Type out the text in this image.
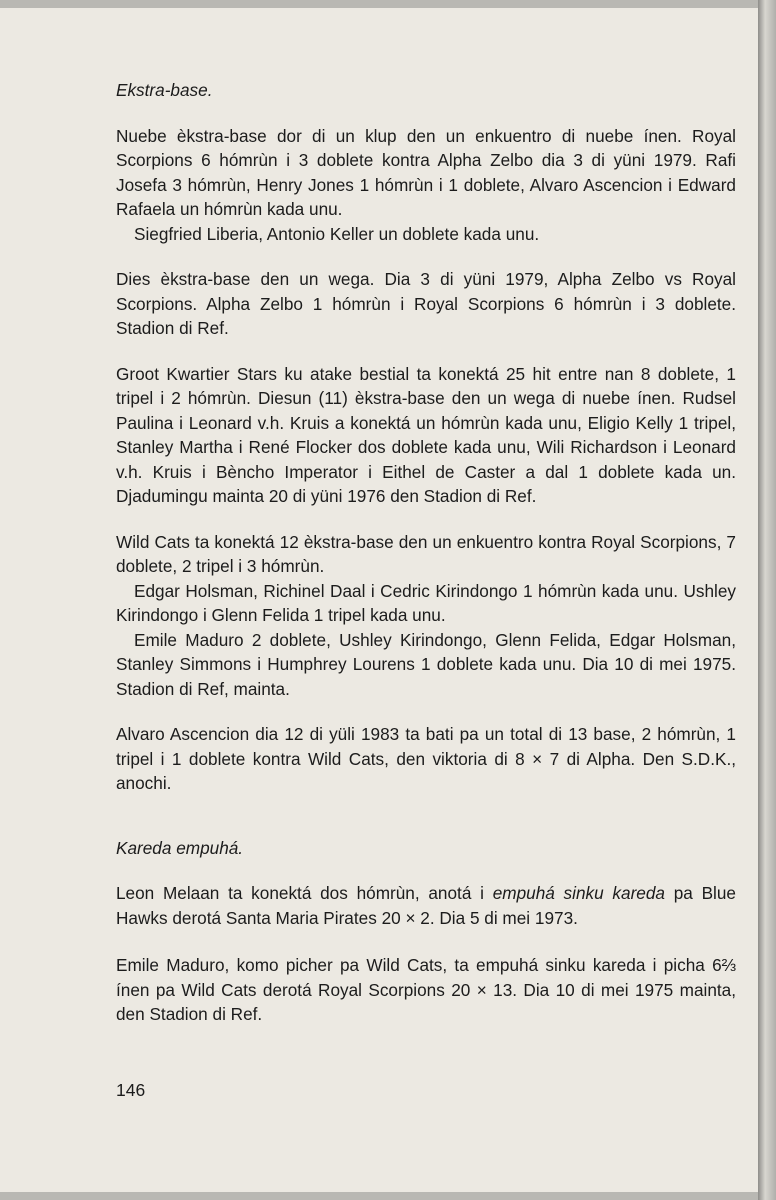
Ekstra-base.

Nuebe èkstra-base dor di un klup den un enkuentro di nuebe ínen. Royal Scorpions 6 hómrùn i 3 doblete kontra Alpha Zelbo dia 3 di yüni 1979. Rafi Josefa 3 hómrùn, Henry Jones 1 hómrùn i 1 doblete, Alvaro Ascencion i Edward Rafaela un hómrùn kada unu.

Siegfried Liberia, Antonio Keller un doblete kada unu.

Dies èkstra-base den un wega. Dia 3 di yüni 1979, Alpha Zelbo vs Royal Scorpions. Alpha Zelbo 1 hómrùn i Royal Scorpions 6 hómrùn i 3 doblete. Stadion di Ref.

Groot Kwartier Stars ku atake bestial ta konektá 25 hit entre nan 8 doblete, 1 tripel i 2 hómrùn. Diesun (11) èkstra-base den un wega di nuebe ínen. Rudsel Paulina i Leonard v.h. Kruis a konektá un hómrùn kada unu, Eligio Kelly 1 tripel, Stanley Martha i René Flocker dos doblete kada unu, Wili Richardson i Leonard v.h. Kruis i Bèncho Imperator i Eithel de Caster a dal 1 doblete kada un. Djadumingu mainta 20 di yüni 1976 den Stadion di Ref.

Wild Cats ta konektá 12 èkstra-base den un enkuentro kontra Royal Scorpions, 7 doblete, 2 tripel i 3 hómrùn.

Edgar Holsman, Richinel Daal i Cedric Kirindongo 1 hómrùn kada unu. Ushley Kirindongo i Glenn Felida 1 tripel kada unu.

Emile Maduro 2 doblete, Ushley Kirindongo, Glenn Felida, Edgar Holsman, Stanley Simmons i Humphrey Lourens 1 doblete kada unu. Dia 10 di mei 1975. Stadion di Ref, mainta.

Alvaro Ascencion dia 12 di yüli 1983 ta bati pa un total di 13 base, 2 hómrùn, 1 tripel i 1 doblete kontra Wild Cats, den viktoria di 8 × 7 di Alpha. Den S.D.K., anochi.

Kareda empuhá.

Leon Melaan ta konektá dos hómrùn, anotá i empuhá sinku kareda pa Blue Hawks derotá Santa Maria Pirates 20 × 2. Dia 5 di mei 1973.

Emile Maduro, komo picher pa Wild Cats, ta empuhá sinku kareda i picha 6⅔ ínen pa Wild Cats derotá Royal Scorpions 20 × 13. Dia 10 di mei 1975 mainta, den Stadion di Ref.

146
